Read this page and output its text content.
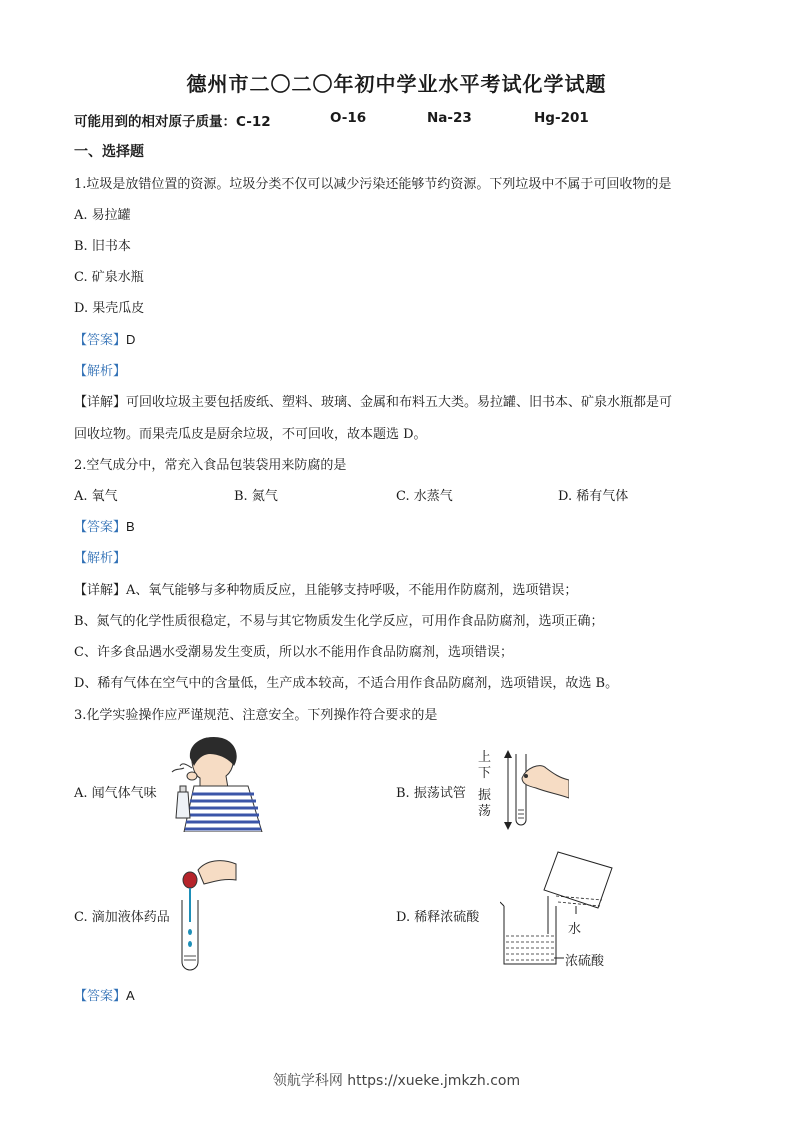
德州市二〇二〇年初中学业水平考试化学试题
可能用到的相对原子质量：C-12	O-16	Na-23	Hg-201
一、选择题
1.垃圾是放错位置的资源。垃圾分类不仅可以减少污染还能够节约资源。下列垃圾中不属于可回收物的是
A. 易拉罐
B. 旧书本
C. 矿泉水瓶
D. 果壳瓜皮
【答案】D
【解析】
【详解】可回收垃圾主要包括废纸、塑料、玻璃、金属和布料五大类。易拉罐、旧书本、矿泉水瓶都是可
回收垃物。而果壳瓜皮是厨余垃圾，不可回收，故本题选 D。
2.空气成分中，常充入食品包装袋用来防腐的是
A. 氧气	B. 氮气	C. 水蒸气	D. 稀有气体
【答案】B
【解析】
【详解】A、氧气能够与多种物质反应，且能够支持呼吸，不能用作防腐剂，选项错误；
B、氮气的化学性质很稳定，不易与其它物质发生化学反应，可用作食品防腐剂，选项正确；
C、许多食品遇水受潮易发生变质，所以水不能用作食品防腐剂，选项错误；
D、稀有气体在空气中的含量低，生产成本较高，不适合用作食品防腐剂，选项错误，故选 B。
3.化学实验操作应严谨规范、注意安全。下列操作符合要求的是
A. 闻气体气味	B. 振荡试管
C. 滴加液体药品	D. 稀释浓硫酸
上
下
振
荡
水
浓硫酸
【答案】A
领航学科网 https://xueke.jmkzh.com
